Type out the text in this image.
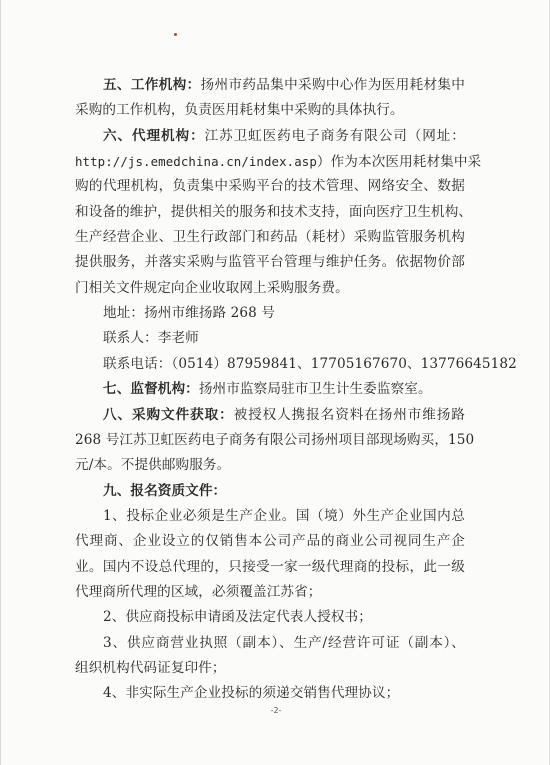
五、工作机构：扬州市药品集中采购中心作为医用耗材集中
采购的工作机构，负责医用耗材集中采购的具体执行。
六、代理机构：江苏卫虹医药电子商务有限公司（网址：
http://js.emedchina.cn/index.asp）作为本次医用耗材集中采
购的代理机构，负责集中采购平台的技术管理、网络安全、数据
和设备的维护，提供相关的服务和技术支持，面向医疗卫生机构、
生产经营企业、卫生行政部门和药品（耗材）采购监管服务机构
提供服务，并落实采购与监管平台管理与维护任务。依据物价部
门相关文件规定向企业收取网上采购服务费。
地址：扬州市维扬路 268 号
联系人：李老师
联系电话：（0514）87959841、17705167670、13776645182
七、监督机构：扬州市监察局驻市卫生计生委监察室。
八、采购文件获取：被授权人携报名资料在扬州市维扬路
268 号江苏卫虹医药电子商务有限公司扬州项目部现场购买，150
元/本。不提供邮购服务。
九、报名资质文件：
1、投标企业必须是生产企业。国（境）外生产企业国内总
代理商、企业设立的仅销售本公司产品的商业公司视同生产企
业。国内不设总代理的，只接受一家一级代理商的投标，此一级
代理商所代理的区域，必须覆盖江苏省；
2、供应商投标申请函及法定代表人授权书；
3、供应商营业执照（副本）、生产/经营许可证（副本）、
组织机构代码证复印件；
4、非实际生产企业投标的须递交销售代理协议；
-2-
